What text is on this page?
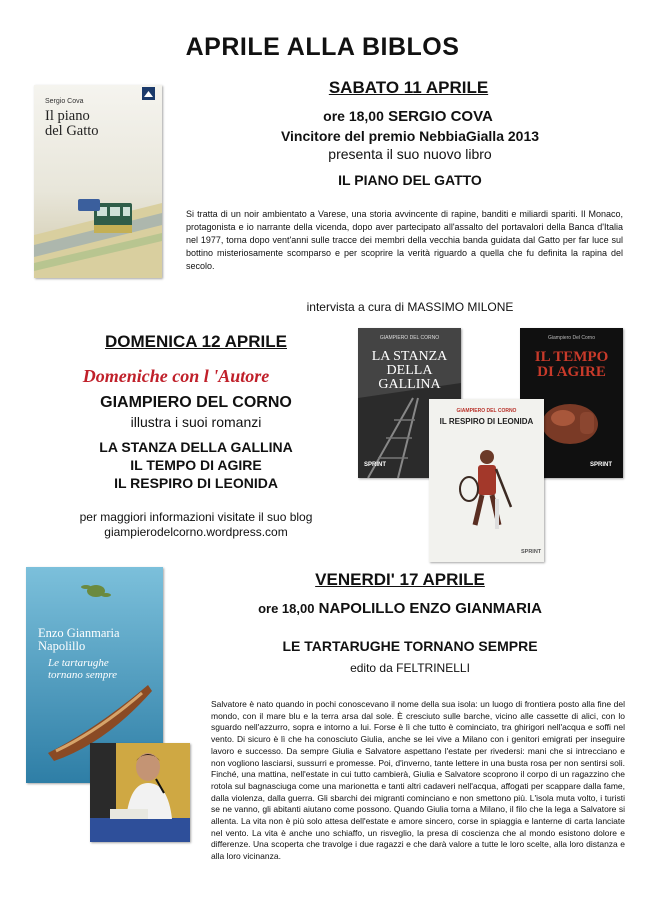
APRILE ALLA BIBLOS
Sergio Cova
Il piano
del Gatto
SABATO 11 APRILE
ore 18,00 SERGIO COVA
Vincitore del premio NebbiaGialla 2013
presenta il suo nuovo libro
IL PIANO DEL GATTO
Si tratta di un noir ambientato a Varese, una storia avvincente di rapine, banditi e miliardi spariti. Il Monaco, protagonista e io narrante della vicenda, dopo aver partecipato all'assalto del portavalori della Banca d'Italia nel 1977, torna dopo vent'anni sulle tracce dei membri della vecchia banda guidata dal Gatto per far luce sul bottino misteriosamente scomparso e per scoprire la verità riguardo a quella che fu definita la rapina del secolo.
intervista a cura di MASSIMO MILONE
DOMENICA 12 APRILE
Domeniche con l 'Autore
GIAMPIERO DEL CORNO
illustra i suoi romanzi
LA STANZA DELLA GALLINA
IL TEMPO DI AGIRE
IL RESPIRO DI LEONIDA
per maggiori informazioni visitate il suo blog
giampierodelcorno.wordpress.com
GIAMPIERO DEL CORNO
LA STANZA DELLA GALLINA
SPRINT
Giampiero Del Corno
IL TEMPO DI AGIRE
SPRINT
GIAMPIERO DEL CORNO
IL RESPIRO DI LEONIDA
SPRINT
Enzo Gianmaria
Napolillo
Le tartarughe
tornano sempre
VENERDI' 17 APRILE
ore 18,00 NAPOLILLO ENZO GIANMARIA
LE TARTARUGHE TORNANO SEMPRE
edito da FELTRINELLI
Salvatore è nato quando in pochi conoscevano il nome della sua isola: un luogo di frontiera posto alla fine del mondo, con il mare blu e la terra arsa dal sole. È cresciuto sulle barche, vicino alle cassette di alici, con lo sguardo nell'azzurro, sopra e intorno a lui. Forse è lì che tutto è cominciato, tra ghirigori nell'acqua e soffi nel vento. Di sicuro è lì che ha conosciuto Giulia, anche se lei vive a Milano con i genitori emigrati per inseguire lavoro e successo. Da sempre Giulia e Salvatore aspettano l'estate per rivedersi: mani che si intrecciano e non vogliono lasciarsi, sussurri e promesse. Poi, d'inverno, tante lettere in una busta rosa per non sentirsi soli. Finché, una mattina, nell'estate in cui tutto cambierà, Giulia e Salvatore scoprono il corpo di un ragazzino che rotola sul bagnasciuga come una marionetta e tanti altri cadaveri nell'acqua, affogati per scappare dalla fame, dalla violenza, dalla guerra. Gli sbarchi dei migranti cominciano e non smettono più. L'isola muta volto, i turisti se ne vanno, gli abitanti aiutano come possono. Quando Giulia torna a Milano, il filo che la lega a Salvatore si allenta. La vita non è più solo attesa dell'estate e amore sincero, corse in spiaggia e lanterne di carta lanciate nel vento. La vita è anche uno schiaffo, un risveglio, la presa di coscienza che al mondo esistono dolore e differenze. Una scoperta che travolge i due ragazzi e che darà valore a tutte le loro scelte, alla loro distanza e alla loro vicinanza.
